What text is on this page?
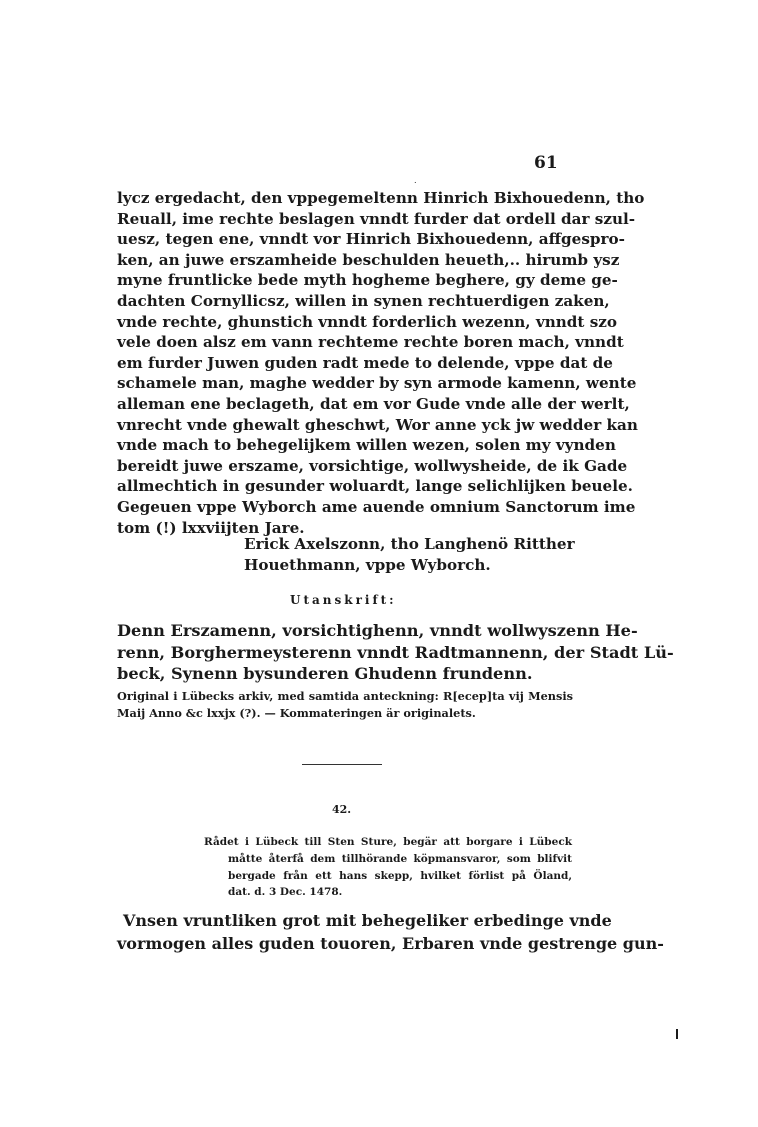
61
.
lycz ergedacht, den vppegemeltenn Hinrich Bixhouedenn, tho
Reuall, ime rechte beslagen vnndt furder dat ordell dar szul-
uesz, tegen ene, vnndt vor Hinrich Bixhouedenn, affgespro-
ken, an juwe erszamheide beschulden heueth,.. hirumb ysz
myne fruntlicke bede myth hogheme beghere, gy deme ge-
dachten Cornyllicsz, willen in synen rechtuerdigen zaken,
vnde rechte, ghunstich vnndt forderlich wezenn, vnndt szo
vele doen alsz em vann rechteme rechte boren mach, vnndt
em furder Juwen guden radt mede to delende, vppe dat de
schamele man, maghe wedder by syn armode kamenn, wente
alleman ene beclageth, dat em vor Gude vnde alle der werlt,
vnrecht vnde ghewalt gheschwt, Wor anne yck jw wedder kan
vnde mach to behegelijkem willen wezen, solen my vynden
bereidt juwe erszame, vorsichtige, wollwysheide, de ik Gade
allmechtich in gesunder woluardt, lange selichlijken beuele.
Gegeuen vppe Wyborch ame auende omnium Sanctorum ime
tom (!) lxxviijten Jare.
Erick Axelszonn, tho Langhenö Ritther
Houethmann, vppe Wyborch.
Utanskrift:
Denn Erszamenn, vorsichtighenn, vnndt wollwyszenn He-
renn, Borghermeysterenn vnndt Radtmannenn, der Stadt Lü-
beck, Synenn bysunderen Ghudenn frundenn.
Original i Lübecks arkiv, med samtida anteckning: R[ecep]ta vij Mensis
Maij Anno &c lxxjx (?). — Kommateringen är originalets.
42.
Rådet i Lübeck till Sten Sture, begär att borgare i Lübeck
måtte återfå dem tillhörande köpmansvaror, som blifvit
bergade från ett hans skepp, hvilket förlist på Öland,
dat. d. 3 Dec. 1478.
Vnsen vruntliken grot mit behegeliker erbedinge vnde
vormogen alles guden touoren, Erbaren vnde gestrenge gun-
